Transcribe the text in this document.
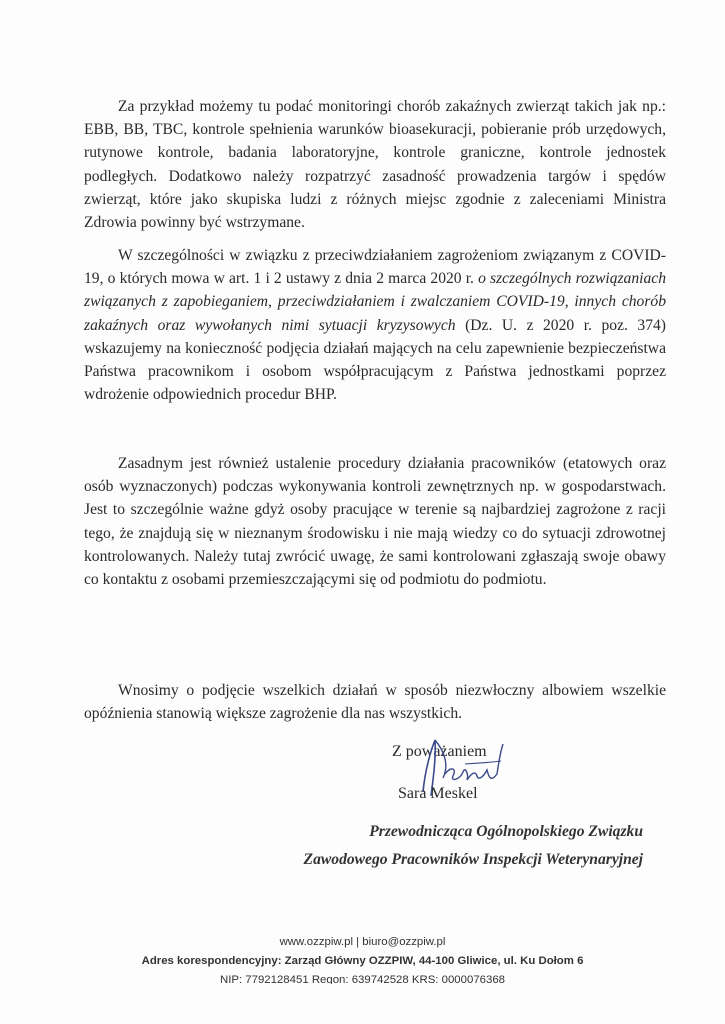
Za przykład możemy tu podać monitoringi chorób zakaźnych zwierząt takich jak np.: EBB, BB, TBC, kontrole spełnienia warunków bioasekuracji, pobieranie prób urzędowych, rutynowe kontrole, badania laboratoryjne, kontrole graniczne, kontrole jednostek podległych. Dodatkowo należy rozpatrzyć zasadność prowadzenia targów i spędów zwierząt, które jako skupiska ludzi z różnych miejsc zgodnie z zaleceniami Ministra Zdrowia powinny być wstrzymane.

W szczególności w związku z przeciwdziałaniem zagrożeniom związanym z COVID-19, o których mowa w art. 1 i 2 ustawy z dnia 2 marca 2020 r. o szczególnych rozwiązaniach związanych z zapobieganiem, przeciwdziałaniem i zwalczaniem COVID-19, innych chorób zakaźnych oraz wywołanych nimi sytuacji kryzysowych (Dz. U. z 2020 r. poz. 374) wskazujemy na konieczność podjęcia działań mających na celu zapewnienie bezpieczeństwa Państwa pracownikom i osobom współpracującym z Państwa jednostkami poprzez wdrożenie odpowiednich procedur BHP.

Zasadnym jest również ustalenie procedury działania pracowników (etatowych oraz osób wyznaczonych) podczas wykonywania kontroli zewnętrznych np. w gospodarstwach. Jest to szczególnie ważne gdyż osoby pracujące w terenie są najbardziej zagrożone z racji tego, że znajdują się w nieznanym środowisku i nie mają wiedzy co do sytuacji zdrowotnej kontrolowanych. Należy tutaj zwrócić uwagę, że sami kontrolowani zgłaszają swoje obawy co kontaktu z osobami przemieszczającymi się od podmiotu do podmiotu.

Wnosimy o podjęcie wszelkich działań w sposób niezwłoczny albowiem wszelkie opóźnienia stanowią większe zagrożenie dla nas wszystkich.

Z poważaniem
Sara Meskel
Przewodnicząca Ogólnopolskiego Związku
Zawodowego Pracowników Inspekcji Weterynaryjnej
www.ozzpiw.pl | biuro@ozzpiw.pl
Adres korespondencyjny: Zarząd Główny OZZPIW, 44-100 Gliwice, ul. Ku Dołom 6
NIP: 7792128451 Regon: 639742528 KRS: 0000076368
